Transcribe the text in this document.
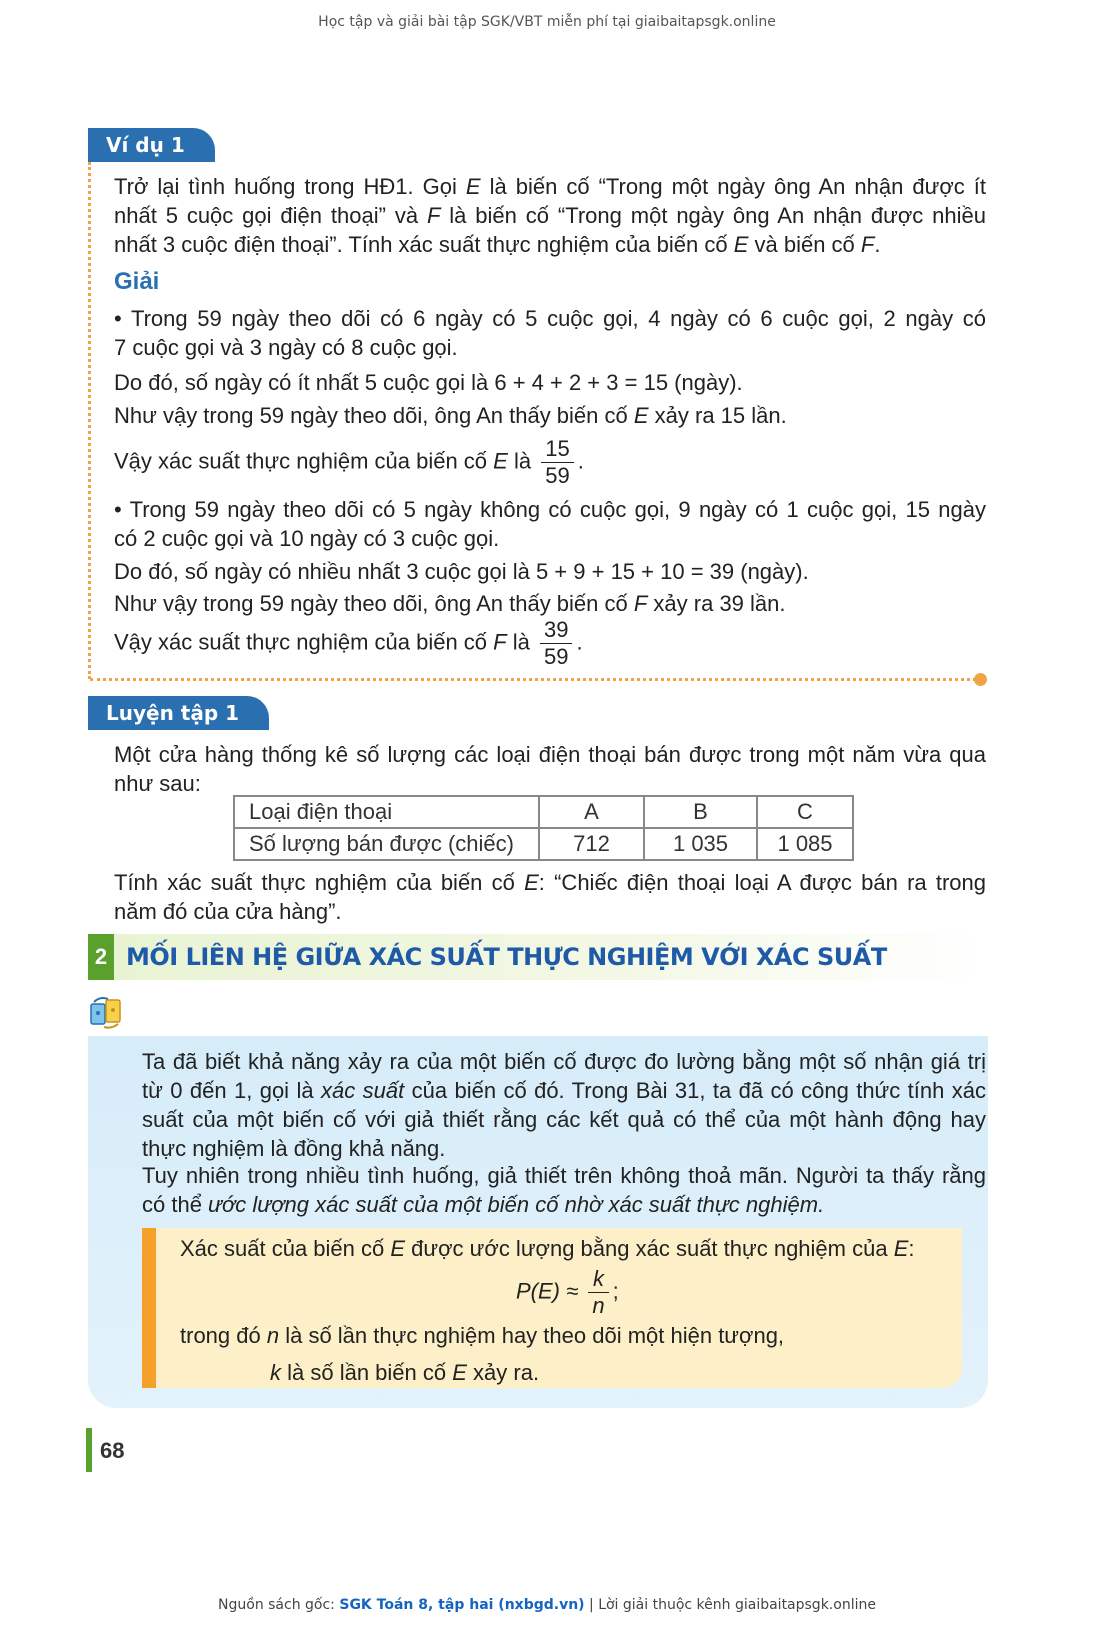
Học tập và giải bài tập SGK/VBT miễn phí tại giaibaitapsgk.online
Ví dụ 1
Trở lại tình huống trong HĐ1. Gọi E là biến cố “Trong một ngày ông An nhận được ít
nhất 5 cuộc gọi điện thoại” và F là biến cố “Trong một ngày ông An nhận được nhiều
nhất 3 cuộc điện thoại”. Tính xác suất thực nghiệm của biến cố E và biến cố F.
Giải
• Trong 59 ngày theo dõi có 6 ngày có 5 cuộc gọi, 4 ngày có 6 cuộc gọi, 2 ngày có
7 cuộc gọi và 3 ngày có 8 cuộc gọi.
Do đó, số ngày có ít nhất 5 cuộc gọi là 6 + 4 + 2 + 3 = 15 (ngày).
Như vậy trong 59 ngày theo dõi, ông An thấy biến cố E xảy ra 15 lần.
Vậy xác suất thực nghiệm của biến cố E là $\frac{15}{59}$ .
• Trong 59 ngày theo dõi có 5 ngày không có cuộc gọi, 9 ngày có 1 cuộc gọi, 15 ngày
có 2 cuộc gọi và 10 ngày có 3 cuộc gọi.
Do đó, số ngày có nhiều nhất 3 cuộc gọi là 5 + 9 + 15 + 10 = 39 (ngày).
Như vậy trong 59 ngày theo dõi, ông An thấy biến cố F xảy ra 39 lần.
Vậy xác suất thực nghiệm của biến cố F là $\frac{39}{59}$ .
Luyện tập 1
Một cửa hàng thống kê số lượng các loại điện thoại bán được trong một năm vừa qua
như sau:
Loại điện thoại	A	B	C
Số lượng bán được (chiếc)	712	1 035	1 085
Tính xác suất thực nghiệm của biến cố E: “Chiếc điện thoại loại A được bán ra trong
năm đó của cửa hàng”.
2 MỐI LIÊN HỆ GIỮA XÁC SUẤT THỰC NGHIỆM VỚI XÁC SUẤT
Ta đã biết khả năng xảy ra của một biến cố được đo lường bằng một số nhận giá trị
từ 0 đến 1, gọi là xác suất của biến cố đó. Trong Bài 31, ta đã có công thức tính xác
suất của một biến cố với giả thiết rằng các kết quả có thể của một hành động hay
thực nghiệm là đồng khả năng.
Tuy nhiên trong nhiều tình huống, giả thiết trên không thoả mãn. Người ta thấy rằng
có thể ước lượng xác suất của một biến cố nhờ xác suất thực nghiệm.
Xác suất của biến cố E được ước lượng bằng xác suất thực nghiệm của E:
$P(E) \approx \frac{k}{n}$ ;
trong đó n là số lần thực nghiệm hay theo dõi một hiện tượng,
k là số lần biến cố E xảy ra.
68
Nguồn sách gốc: SGK Toán 8, tập hai (nxbgd.vn) | Lời giải thuộc kênh giaibaitapsgk.online
